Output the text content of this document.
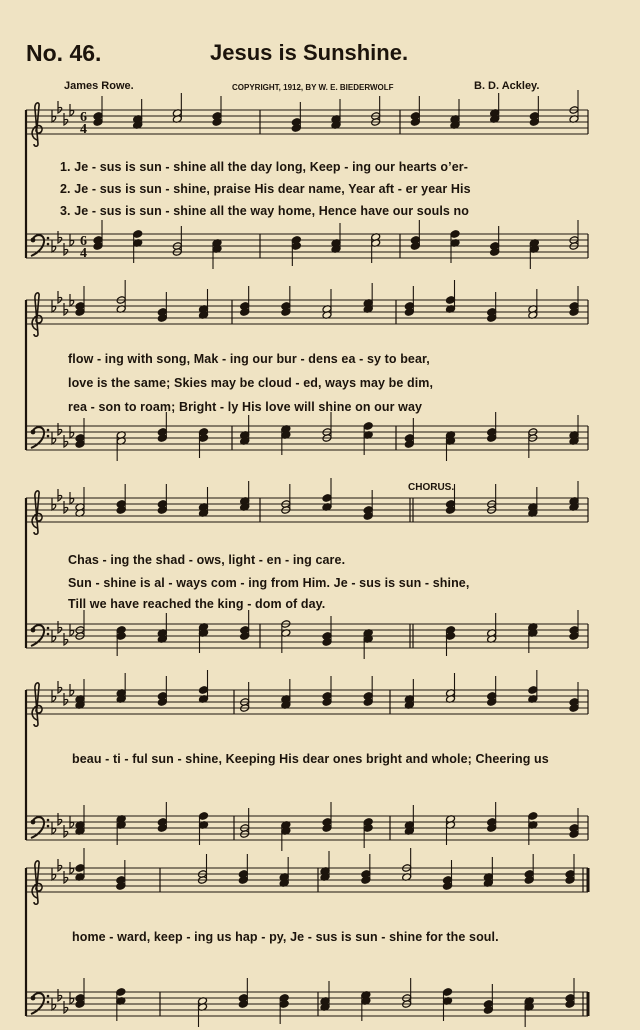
No. 46.	Jesus is Sunshine.
James Rowe.	COPYRIGHT, 1912, BY W. E. BIEDERWOLF	B. D. Ackley.
6
4
6
4
1. Je - sus is sun - shine all the day long, Keep - ing our hearts o’er-
2. Je - sus is sun - shine, praise His dear name, Year aft - er year His
3. Je - sus is sun - shine all the way home, Hence have our souls no
flow - ing with song, Mak - ing our bur - dens ea - sy to bear,
love is the same; Skies may be cloud - ed, ways may be dim,
rea - son to roam; Bright - ly His love will shine on our way
CHORUS.
Chas - ing the shad - ows, light - en - ing care.
Sun - shine is al - ways com - ing from Him. Je - sus is sun - shine,
Till we have reached the king - dom of day.
beau - ti - ful sun - shine, Keeping His dear ones bright and whole; Cheering us
home - ward, keep - ing us hap - py, Je - sus is sun - shine for the soul.
